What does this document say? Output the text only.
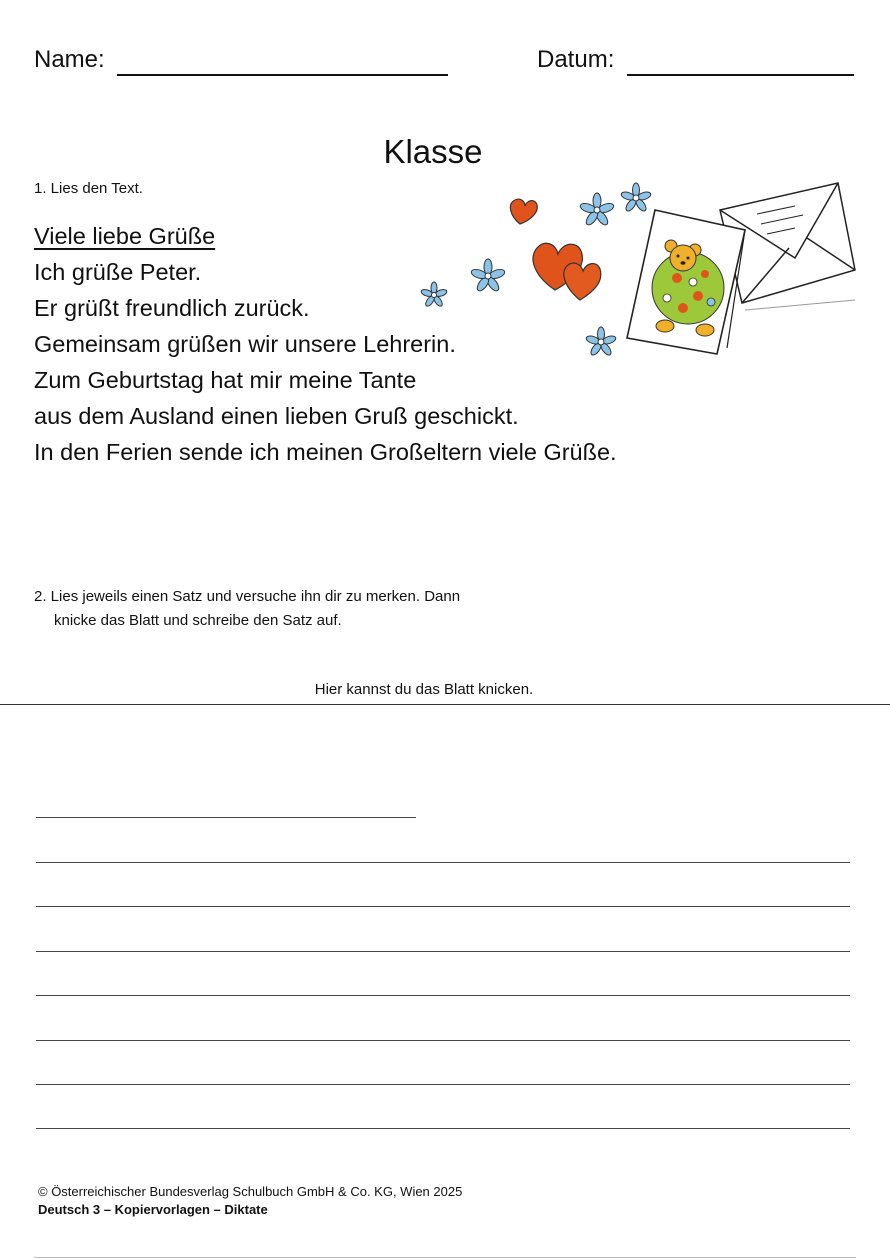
Name:	Datum:
Klasse
1. Lies den Text.
Viele liebe Grüße
Ich grüße Peter.
Er grüßt freundlich zurück.
Gemeinsam grüßen wir unsere Lehrerin.
Zum Geburtstag hat mir meine Tante
aus dem Ausland einen lieben Gruß geschickt.
In den Ferien sende ich meinen Großeltern viele Grüße.
2. Lies jeweils einen Satz und versuche ihn dir zu merken. Dann
knicke das Blatt und schreibe den Satz auf.
Hier kannst du das Blatt knicken.
© Österreichischer Bundesverlag Schulbuch GmbH & Co. KG, Wien 2025
Deutsch 3 – Kopiervorlagen – Diktate
